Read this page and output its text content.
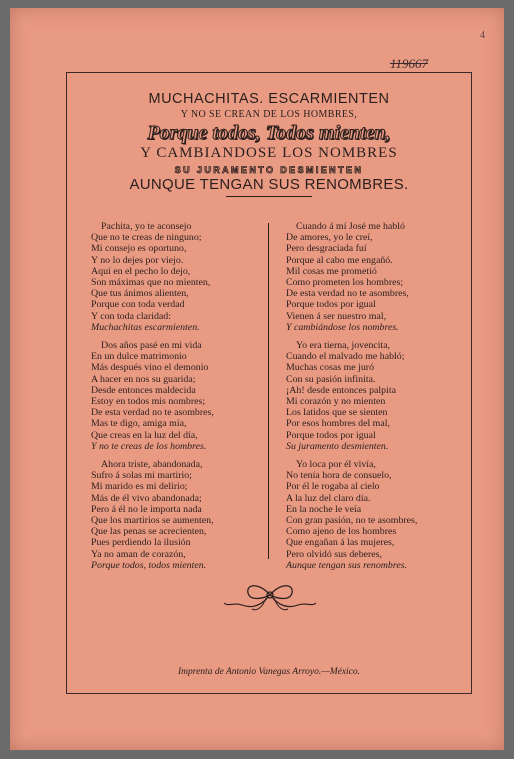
4
119667
MUCHACHITAS. ESCARMIENTEN
Y NO SE CREAN DE LOS HOMBRES,
Porque todos, Todos mienten,
Y CAMBIANDOSE LOS NOMBRES
SU JURAMENTO DESMIENTEN
AUNQUE TENGAN SUS RENOMBRES.
Pachita, yo te aconsejo
Que no te creas de ninguno;
Mi consejo es oportuno,
Y no lo dejes por viejo.
Aquí en el pecho lo dejo,
Son máximas que no mienten,
Que tus ánimos alienten,
Porque con toda verdad
Y con toda claridad:
Muchachitas escarmienten.
Dos años pasé en mi vida
En un dulce matrimonio
Más después vino el demonio
A hacer en nos su guarida;
Desde entonces maldecida
Estoy en todos mis nombres;
De esta verdad no te asombres,
Mas te digo, amiga mía,
Que creas en la luz del día,
Y no te creas de los hombres.
Ahora triste, abandonada,
Sufro á solas mi martirio;
Mi marido es mi delirio;
Más de él vivo abandonada;
Pero á él no le importa nada
Que los martirios se aumenten,
Que las penas se acrecienten,
Pues perdiendo la ilusión
Ya no aman de corazón,
Porque todos, todos mienten.
Cuando á mí José me habló
De amores, yo le creí,
Pero desgraciada fuí
Porque al cabo me engañó.
Mil cosas me prometió
Como prometen los hombres;
De esta verdad no te asombres,
Porque todos por igual
Vienen á ser nuestro mal,
Y cambiándose los nombres.
Yo era tierna, jovencita,
Cuando el malvado me habló;
Muchas cosas me juró
Con su pasión infinita.
¡Ah! desde entonces palpita
Mi corazón y no mienten
Los latidos que se sienten
Por esos hombres del mal,
Porque todos por igual
Su juramento desmienten.
Yo loca por él vivía,
No tenía hora de consuelo,
Por él le rogaba al cielo
A la luz del claro día.
En la noche le veía
Con gran pasión, no te asombres,
Como ajeno de los hombres
Que engañan á las mujeres,
Pero olvidó sus deberes,
Aunque tengan sus renombres.
Imprenta de Antonio Vanegas Arroyo.—México.
